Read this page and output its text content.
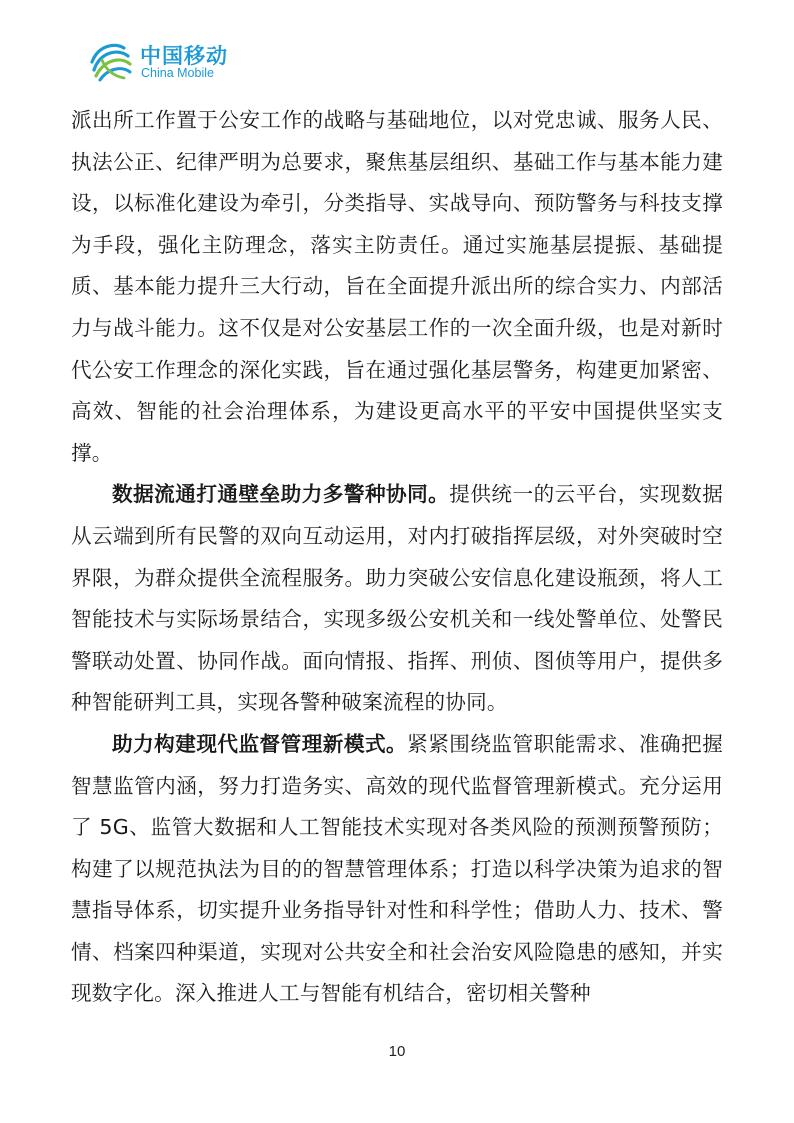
中国移动
China Mobile

派出所工作置于公安工作的战略与基础地位，以对党忠诚、服务人民、执法公正、纪律严明为总要求，聚焦基层组织、基础工作与基本能力建设，以标准化建设为牵引，分类指导、实战导向、预防警务与科技支撑为手段，强化主防理念，落实主防责任。通过实施基层提振、基础提质、基本能力提升三大行动，旨在全面提升派出所的综合实力、内部活力与战斗能力。这不仅是对公安基层工作的一次全面升级，也是对新时代公安工作理念的深化实践，旨在通过强化基层警务，构建更加紧密、高效、智能的社会治理体系，为建设更高水平的平安中国提供坚实支撑。

数据流通打通壁垒助力多警种协同。提供统一的云平台，实现数据从云端到所有民警的双向互动运用，对内打破指挥层级，对外突破时空界限，为群众提供全流程服务。助力突破公安信息化建设瓶颈，将人工智能技术与实际场景结合，实现多级公安机关和一线处警单位、处警民警联动处置、协同作战。面向情报、指挥、刑侦、图侦等用户，提供多种智能研判工具，实现各警种破案流程的协同。

助力构建现代监督管理新模式。紧紧围绕监管职能需求、准确把握智慧监管内涵，努力打造务实、高效的现代监督管理新模式。充分运用了 5G、监管大数据和人工智能技术实现对各类风险的预测预警预防；构建了以规范执法为目的的智慧管理体系；打造以科学决策为追求的智慧指导体系，切实提升业务指导针对性和科学性；借助人力、技术、警情、档案四种渠道，实现对公共安全和社会治安风险隐患的感知，并实现数字化。深入推进人工与智能有机结合，密切相关警种

10
